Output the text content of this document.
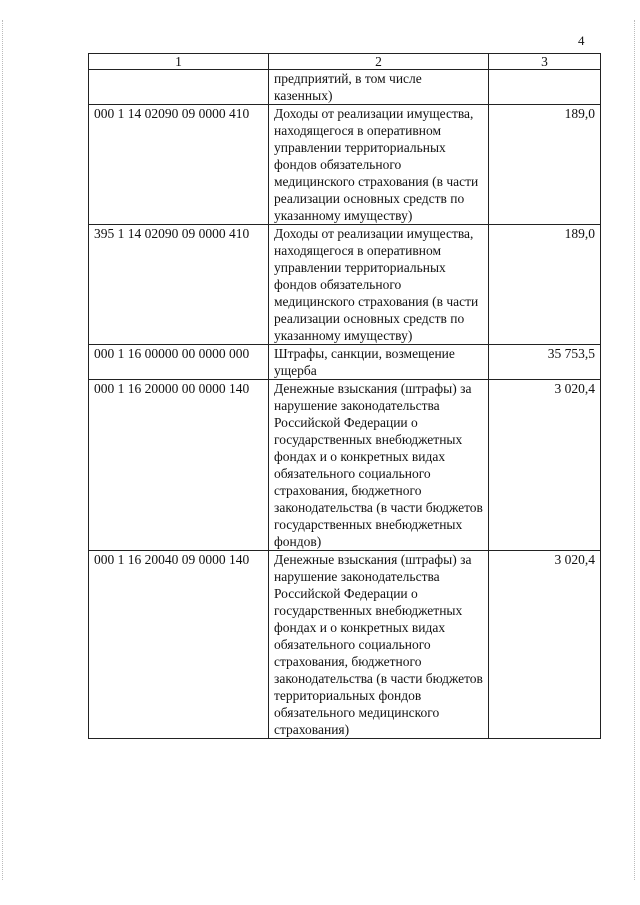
4
1	2	3
	предприятий, в том числе казенных)	
000 1 14 02090 09 0000 410	Доходы от реализации имущества, находящегося в оперативном управлении территориальных фондов обязательного медицинского страхования (в части реализации основных средств по указанному имуществу)	189,0
395 1 14 02090 09 0000 410	Доходы от реализации имущества, находящегося в оперативном управлении территориальных фондов обязательного медицинского страхования (в части реализации основных средств по указанному имуществу)	189,0
000 1 16 00000 00 0000 000	Штрафы, санкции, возмещение ущерба	35 753,5
000 1 16 20000 00 0000 140	Денежные взыскания (штрафы) за нарушение законодательства Российской Федерации о государственных внебюджетных фондах и о конкретных видах обязательного социального страхования, бюджетного законодательства (в части бюджетов государственных внебюджетных фондов)	3 020,4
000 1 16 20040 09 0000 140	Денежные взыскания (штрафы) за нарушение законодательства Российской Федерации о государственных внебюджетных фондах и о конкретных видах обязательного социального страхования, бюджетного законодательства (в части бюджетов территориальных фондов обязательного медицинского страхования)	3 020,4
